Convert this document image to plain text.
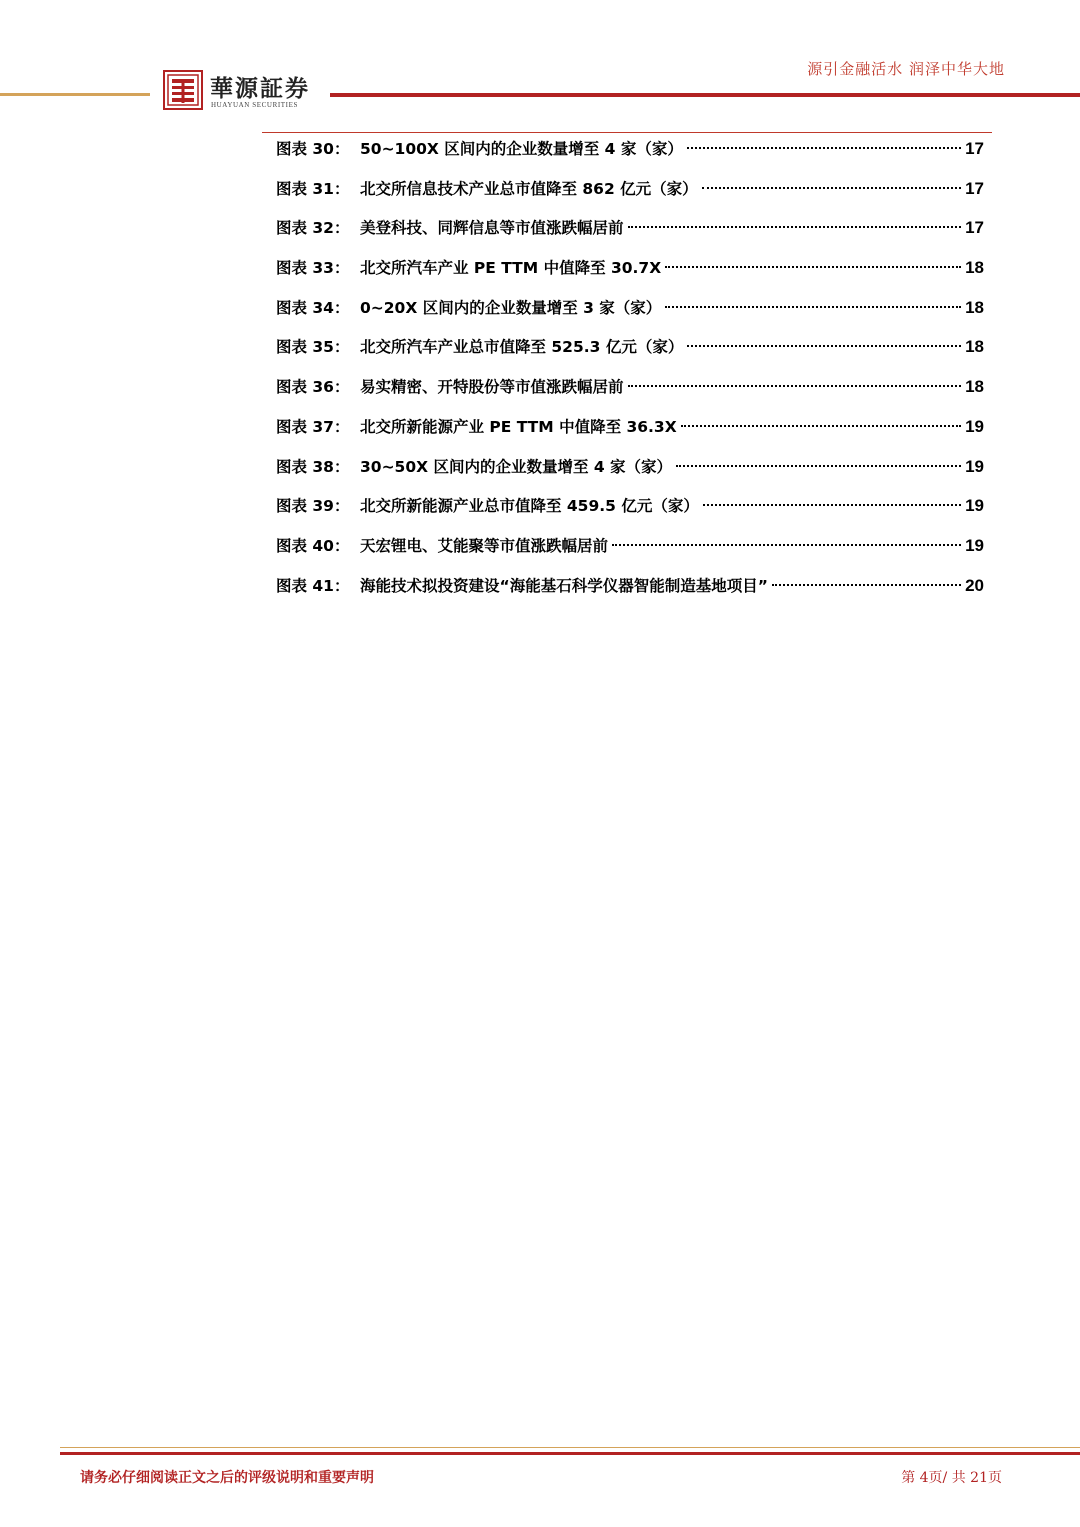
源引金融活水 润泽中华大地
華源証券
HUAYUAN SECURITIES
图表 30： 50~100X 区间内的企业数量增至 4 家（家）	17
图表 31： 北交所信息技术产业总市值降至 862 亿元（家）	17
图表 32： 美登科技、同辉信息等市值涨跌幅居前	17
图表 33： 北交所汽车产业 PE TTM 中值降至 30.7X	18
图表 34： 0~20X 区间内的企业数量增至 3 家（家）	18
图表 35： 北交所汽车产业总市值降至 525.3 亿元（家）	18
图表 36： 易实精密、开特股份等市值涨跌幅居前	18
图表 37： 北交所新能源产业 PE TTM 中值降至 36.3X	19
图表 38： 30~50X 区间内的企业数量增至 4 家（家）	19
图表 39： 北交所新能源产业总市值降至 459.5 亿元（家）	19
图表 40： 天宏锂电、艾能聚等市值涨跌幅居前	19
图表 41： 海能技术拟投资建设“海能基石科学仪器智能制造基地项目”	20
请务必仔细阅读正文之后的评级说明和重要声明	第 4页/ 共 21页
